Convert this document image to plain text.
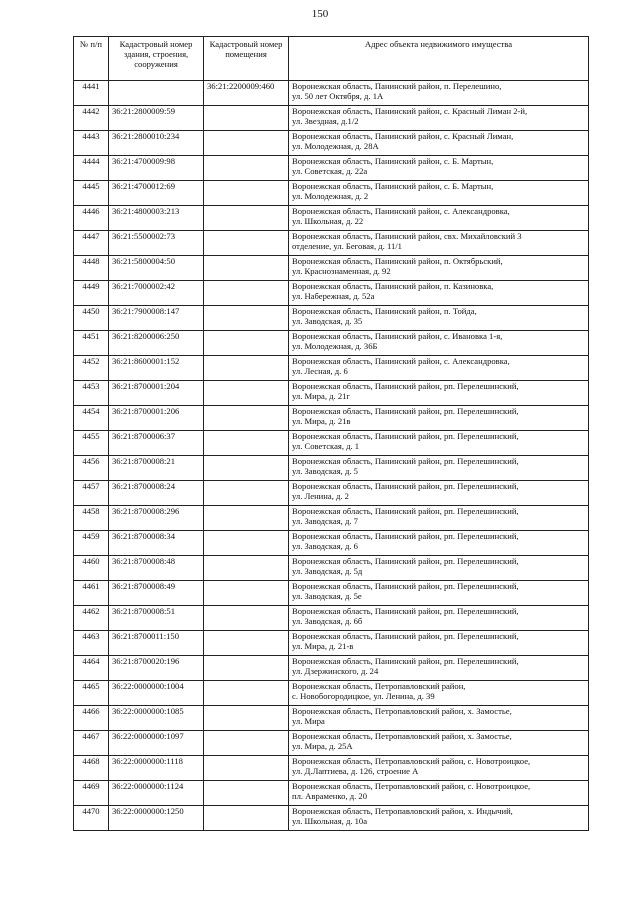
150
№ п/п	Кадастровый номер здания, строения, сооружения	Кадастровый номер помещения	Адрес объекта недвижимого имущества
4441		36:21:2200009:460	Воронежская область, Панинский район, п. Перелешино,
ул. 50 лет Октября, д. 1А

4442	36:21:2800009:59		Воронежская область, Панинский район, с. Красный Лиман 2-й,
ул. Звездная, д.1/2

4443	36:21:2800010:234		Воронежская область, Панинский район, с. Красный Лиман,
ул. Молодежная, д. 28А

4444	36:21:4700009:98		Воронежская область, Панинский район, с. Б. Мартын,
ул. Советская, д. 22а

4445	36:21:4700012:69		Воронежская область, Панинский район, с. Б. Мартын,
ул. Молодежная, д. 2

4446	36:21:4800003:213		Воронежская область, Панинский район, с. Александровка,
ул. Школьная, д. 22

4447	36:21:5500002:73		Воронежская область, Панинский район, свх. Михайловский 3
отделение, ул. Беговая, д. 11/1

4448	36:21:5800004:50		Воронежская область, Панинский район, п. Октябрьский,
ул. Краснознаменная, д. 92

4449	36:21:7000002:42		Воронежская область, Панинский район, п. Казиновка,
ул. Набережная, д. 52а

4450	36:21:7900008:147		Воронежская область, Панинский район, п. Тойда,
ул. Заводская, д. 35

4451	36:21:8200006:250		Воронежская область, Панинский район, с. Ивановка 1-я,
ул. Молодежная, д. 36Б

4452	36:21:8600001:152		Воронежская область, Панинский район, с. Александровка,
ул. Лесная, д. 6

4453	36:21:8700001:204		Воронежская область, Панинский район, рп. Перелешинский,
ул. Мира, д. 21г

4454	36:21:8700001:206		Воронежская область, Панинский район, рп. Перелешинский,
ул. Мира, д. 21в

4455	36:21:8700006:37		Воронежская область, Панинский район, рп. Перелешинский,
ул. Советская, д. 1

4456	36:21:8700008:21		Воронежская область, Панинский район, рп. Перелешинский,
ул. Заводская, д. 5

4457	36:21:8700008:24		Воронежская область, Панинский район, рп. Перелешинский,
ул. Ленина, д. 2

4458	36:21:8700008:296		Воронежская область, Панинский район, рп. Перелешинский,
ул. Заводская, д. 7

4459	36:21:8700008:34		Воронежская область, Панинский район, рп. Перелешинский,
ул. Заводская, д. 6

4460	36:21:8700008:48		Воронежская область, Панинский район, рп. Перелешинский,
ул. Заводская, д. 5д

4461	36:21:8700008:49		Воронежская область, Панинский район, рп. Перелешинский,
ул. Заводская, д. 5е

4462	36:21:8700008:51		Воронежская область, Панинский район, рп. Перелешинский,
ул. Заводская, д. 6б

4463	36:21:8700011:150		Воронежская область, Панинский район, рп. Перелешинский,
ул. Мира, д. 21-в

4464	36:21:8700020:196		Воронежская область, Панинский район, рп. Перелешинский,
ул. Дзержинского, д. 24

4465	36:22:0000000:1004		Воронежская область, Петропавловский район,
с. Новобогородицкое, ул. Ленина, д. 39

4466	36:22:0000000:1085		Воронежская область, Петропавловский район, х. Замостье,
ул. Мира

4467	36:22:0000000:1097		Воронежская область, Петропавловский район, х. Замостье,
ул. Мира, д. 25А

4468	36:22:0000000:1118		Воронежская область, Петропавловский район, с. Новотроицкое,
ул. Д.Лаптиева, д. 126, строение А

4469	36:22:0000000:1124		Воронежская область, Петропавловский район, с. Новотроицкое,
пл. Авраменко, д. 20

4470	36:22:0000000:1250		Воронежская область, Петропавловский район, х. Индычий,
ул. Школьная, д. 10а
